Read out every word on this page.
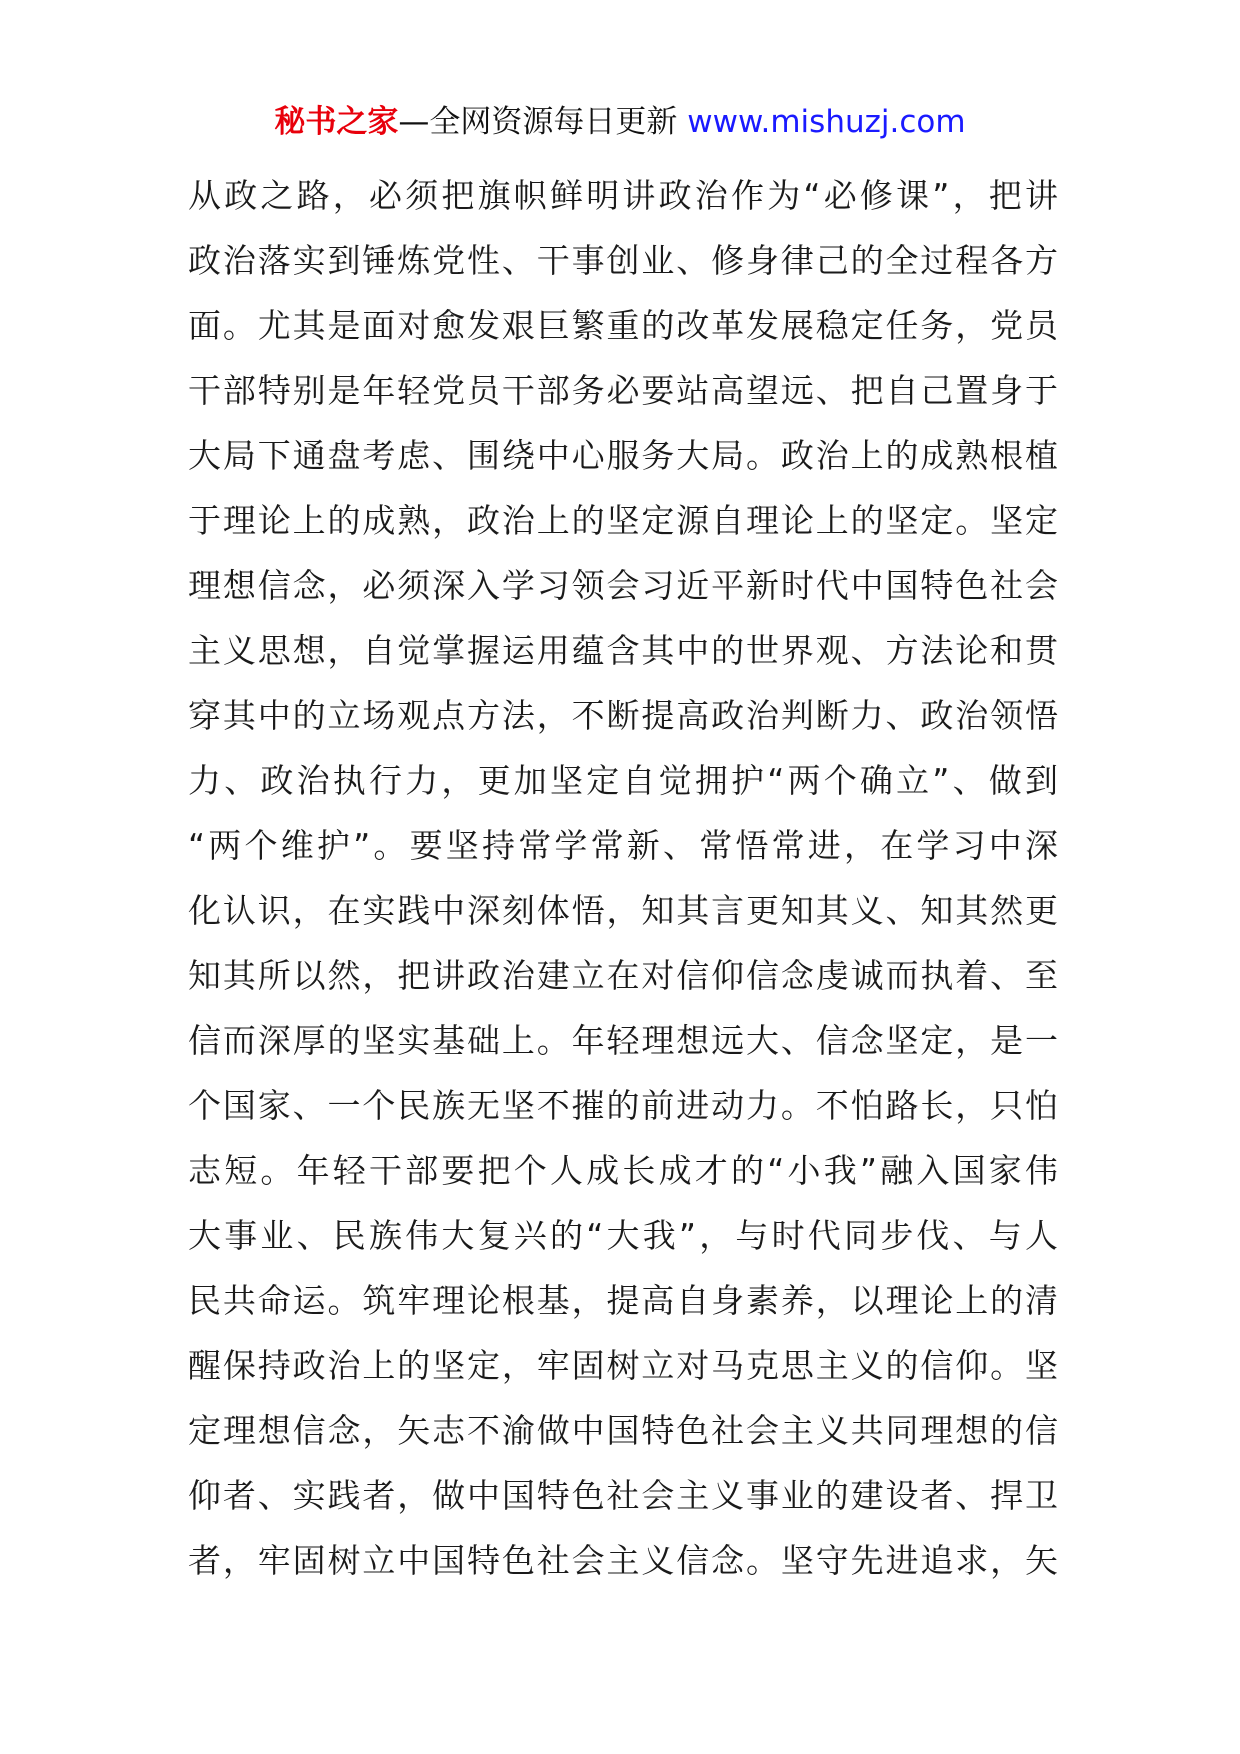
秘书之家—全网资源每日更新 www.mishuzj.com
从政之路，必须把旗帜鲜明讲政治作为“必修课”，把讲
政治落实到锤炼党性、干事创业、修身律己的全过程各方
面。尤其是面对愈发艰巨繁重的改革发展稳定任务，党员
干部特别是年轻党员干部务必要站高望远、把自己置身于
大局下通盘考虑、围绕中心服务大局。政治上的成熟根植
于理论上的成熟，政治上的坚定源自理论上的坚定。坚定
理想信念，必须深入学习领会习近平新时代中国特色社会
主义思想，自觉掌握运用蕴含其中的世界观、方法论和贯
穿其中的立场观点方法，不断提高政治判断力、政治领悟
力、政治执行力，更加坚定自觉拥护“两个确立”、做到
“两个维护”。要坚持常学常新、常悟常进，在学习中深
化认识，在实践中深刻体悟，知其言更知其义、知其然更
知其所以然，把讲政治建立在对信仰信念虔诚而执着、至
信而深厚的坚实基础上。年轻理想远大、信念坚定，是一
个国家、一个民族无坚不摧的前进动力。不怕路长，只怕
志短。年轻干部要把个人成长成才的“小我”融入国家伟
大事业、民族伟大复兴的“大我”，与时代同步伐、与人
民共命运。筑牢理论根基，提高自身素养，以理论上的清
醒保持政治上的坚定，牢固树立对马克思主义的信仰。坚
定理想信念，矢志不渝做中国特色社会主义共同理想的信
仰者、实践者，做中国特色社会主义事业的建设者、捍卫
者，牢固树立中国特色社会主义信念。坚守先进追求，矢
